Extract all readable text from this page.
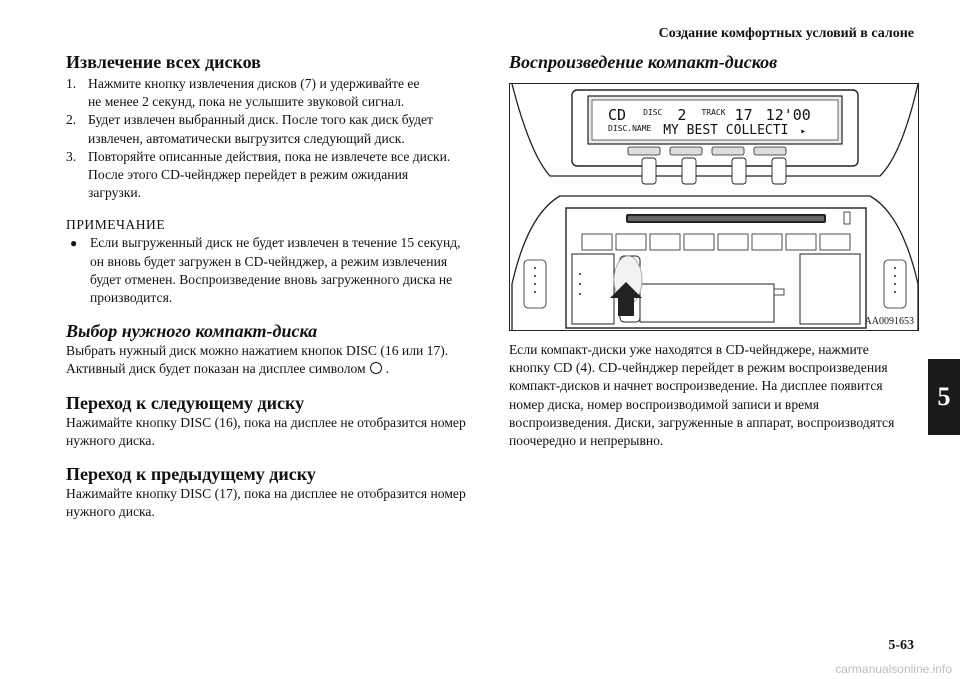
Создание комфортных условий в салоне
Извлечение всех дисков
1. Нажмите кнопку извлечения дисков (7) и удерживайте ее
не менее 2 секунд, пока не услышите звуковой сигнал.
2. Будет извлечен выбранный диск. После того как диск будет
извлечен, автоматически выгрузится следующий диск.
3. Повторяйте описанные действия, пока не извлечете все диски.
После этого CD-чейнджер перейдет в режим ожидания
загрузки.
ПРИМЕЧАНИЕ
● Если выгруженный диск не будет извлечен в течение 15 секунд,
он вновь будет загружен в CD-чейнджер, а режим извлечения
будет отменен. Воспроизведение вновь загруженного диска не
производится.
Выбор нужного компакт-диска

Выбрать нужный диск можно нажатием кнопок DISC (16 или 17).
Активный диск будет показан на дисплее символом .

Переход к следующему диску

Нажимайте кнопку DISC (16), пока на дисплее не отобразится номер
нужного диска.

Переход к предыдущему диску

Нажимайте кнопку DISC (17), пока на дисплее не отобразится номер
нужного диска.

Воспроизведение компакт-дисков
CD $^{DISC}$ 2 $^{TRACK}$ 17 12'00
$^{DISC.NAME}$ MY BEST COLLECTI ▸
AA0091653

Если компакт-диски уже находятся в CD-чейнджере, нажмите
кнопку CD (4). CD-чейнджер перейдет в режим воспроизведения
компакт-дисков и начнет воспроизведение. На дисплее появится
номер диска, номер воспроизводимой записи и время
воспроизведения. Диски, загруженные в аппарат, воспроизводятся
поочередно и непрерывно.

5
5-63
carmanualsonline.info
